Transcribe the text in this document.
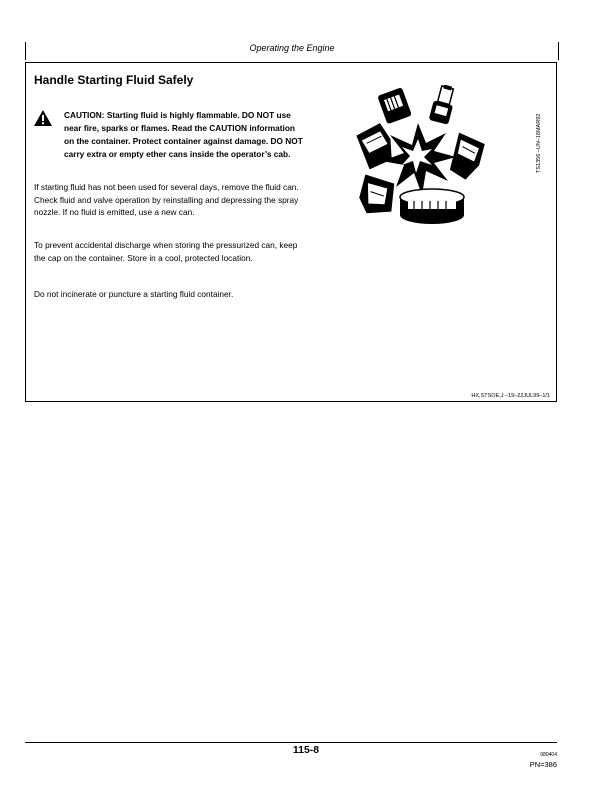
Operating the Engine
Handle Starting Fluid Safely

CAUTION: Starting fluid is highly flammable. DO NOT use near fire, sparks or flames. Read the CAUTION information on the container. Protect container against damage. DO NOT carry extra or empty ether cans inside the operator’s cab.

If starting fluid has not been used for several days, remove the fluid can. Check fluid and valve operation by reinstalling and depressing the spray nozzle. If no fluid is emitted, use a new can.

To prevent accidental discharge when storing the pressurized can, keep the cap on the container. Store in a cool, protected location.

Do not incinerate or puncture a starting fluid container.

TS1356 –UN–18MAR92

HX,STSOE,J –19–22JUL99–1/1

115-8	080404
PN=386
